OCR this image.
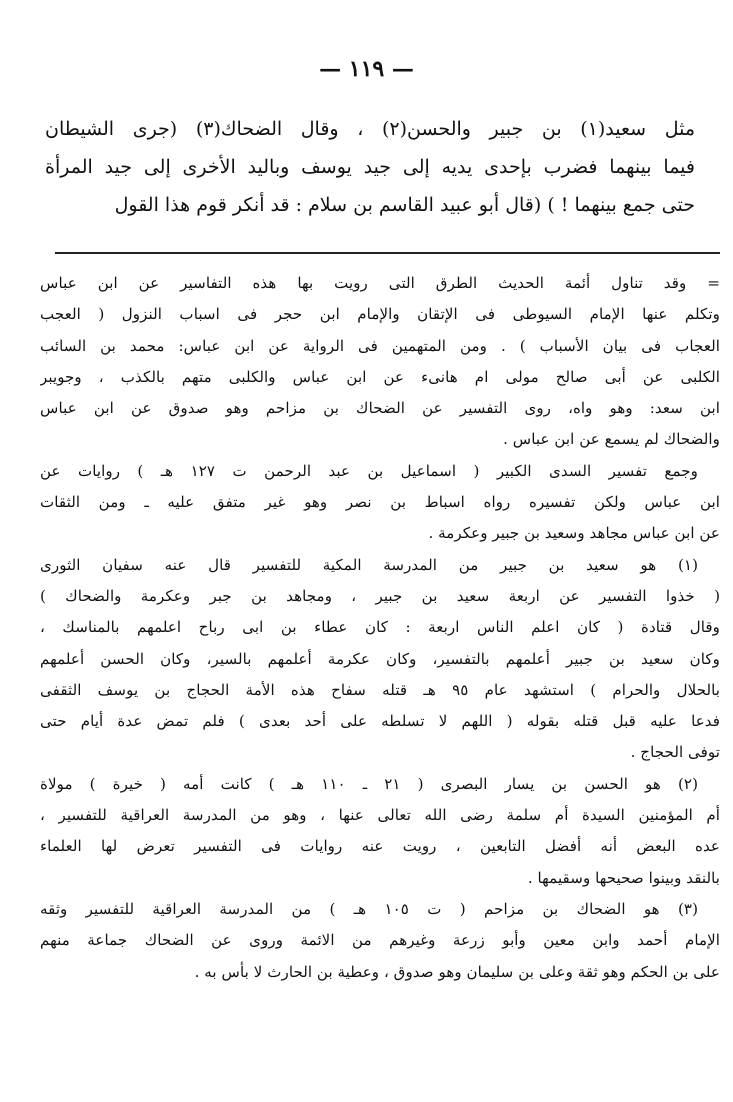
— ١١٩ —
مثل سعيد(١) بن جبير والحسن(٢) ، وقال الضحاك(٣) (جرى الشيطان
فيما بينهما فضرب بإحدى يديه إلى جيد يوسف وباليد الأخرى إلى جيد المرأة
حتى جمع بينهما ! ) (قال أبو عبيد القاسم بن سلام : قد أنكر قوم هذا القول
= وقد تناول أئمة الحديث الطرق التى رويت بها هذه التفاسير عن ابن عباس
وتكلم عنها الإمام السيوطى فى الإتقان والإمام ابن حجر فى اسباب النزول ( العجب
العجاب فى بيان الأسباب ) . ومن المتهمين فى الرواية عن ابن عباس: محمد بن السائب
الكلبى عن أبى صالح مولى ام هانىء عن ابن عباس والكلبى متهم بالكذب ، وجويبر
ابن سعد: وهو واه، روى التفسير عن الضحاك بن مزاحم وهو صدوق عن ابن عباس
والضحاك لم يسمع عن ابن عباس .
وجمع تفسير السدى الكبير ( اسماعيل بن عبد الرحمن ت ١٢٧ هـ ) روايات عن
ابن عباس ولكن تفسيره رواه اسباط بن نصر وهو غير متفق عليه ـ ومن الثقات
عن ابن عباس مجاهد وسعيد بن جبير وعكرمة .
(١) هو سعيد بن جبير من المدرسة المكية للتفسير قال عنه سفيان الثورى
( خذوا التفسير عن اربعة سعيد بن جبير ، ومجاهد بن جبر وعكرمة والضحاك )
وقال قتادة ( كان اعلم الناس اربعة : كان عطاء بن ابى رباح اعلمهم بالمناسك ،
وكان سعيد بن جبير أعلمهم بالتفسير، وكان عكرمة أعلمهم بالسير، وكان الحسن أعلمهم
بالحلال والحرام ) استشهد عام ٩٥ هـ قتله سفاح هذه الأمة الحجاج بن يوسف الثقفى
فدعا عليه قبل قتله بقوله ( اللهم لا تسلطه على أحد بعدى ) فلم تمض عدة أيام حتى
توفى الحجاج .
(٢) هو الحسن بن يسار البصرى ( ٢١ ـ ١١٠ هـ ) كانت أمه ( خيرة ) مولاة
أم المؤمنين السيدة أم سلمة رضى الله تعالى عنها ، وهو من المدرسة العراقية للتفسير ،
عده البعض أنه أفضل التابعين ، رويت عنه روايات فى التفسير تعرض لها العلماء
بالنقد وبينوا صحيحها وسقيمها .
(٣) هو الضحاك بن مزاحم ( ت ١٠٥ هـ ) من المدرسة العراقية للتفسير وثقه
الإمام أحمد وابن معين وأبو زرعة وغيرهم من الائمة وروى عن الضحاك جماعة منهم
على بن الحكم وهو ثقة وعلى بن سليمان وهو صدوق ، وعطية بن الحارث لا بأس به .
